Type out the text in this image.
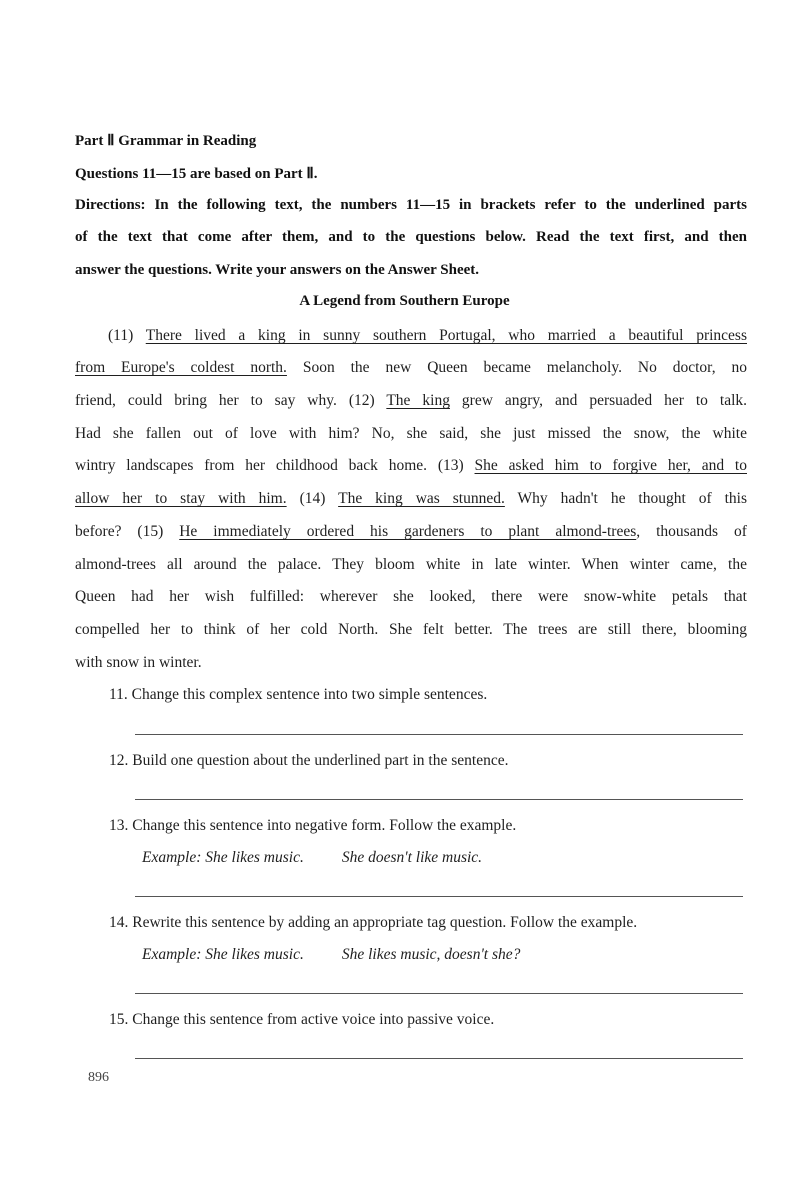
Part Ⅱ Grammar in Reading
Questions 11—15 are based on Part Ⅱ.
Directions: In the following text, the numbers 11—15 in brackets refer to the underlined parts
of the text that come after them, and to the questions below. Read the text first, and then
answer the questions. Write your answers on the Answer Sheet.
A Legend from Southern Europe
(11) There lived a king in sunny southern Portugal, who married a beautiful princess
from Europe's coldest north. Soon the new Queen became melancholy. No doctor, no
friend, could bring her to say why. (12) The king grew angry, and persuaded her to talk.
Had she fallen out of love with him? No, she said, she just missed the snow, the white
wintry landscapes from her childhood back home. (13) She asked him to forgive her, and to
allow her to stay with him. (14) The king was stunned. Why hadn't he thought of this
before? (15) He immediately ordered his gardeners to plant almond-trees, thousands of
almond-trees all around the palace. They bloom white in late winter. When winter came, the
Queen had her wish fulfilled: wherever she looked, there were snow-white petals that
compelled her to think of her cold North. She felt better. The trees are still there, blooming
with snow in winter.
11. Change this complex sentence into two simple sentences.
12. Build one question about the underlined part in the sentence.
13. Change this sentence into negative form. Follow the example.
Example: She likes music. She doesn't like music.
14. Rewrite this sentence by adding an appropriate tag question. Follow the example.
Example: She likes music. She likes music, doesn't she?
15. Change this sentence from active voice into passive voice.
896
